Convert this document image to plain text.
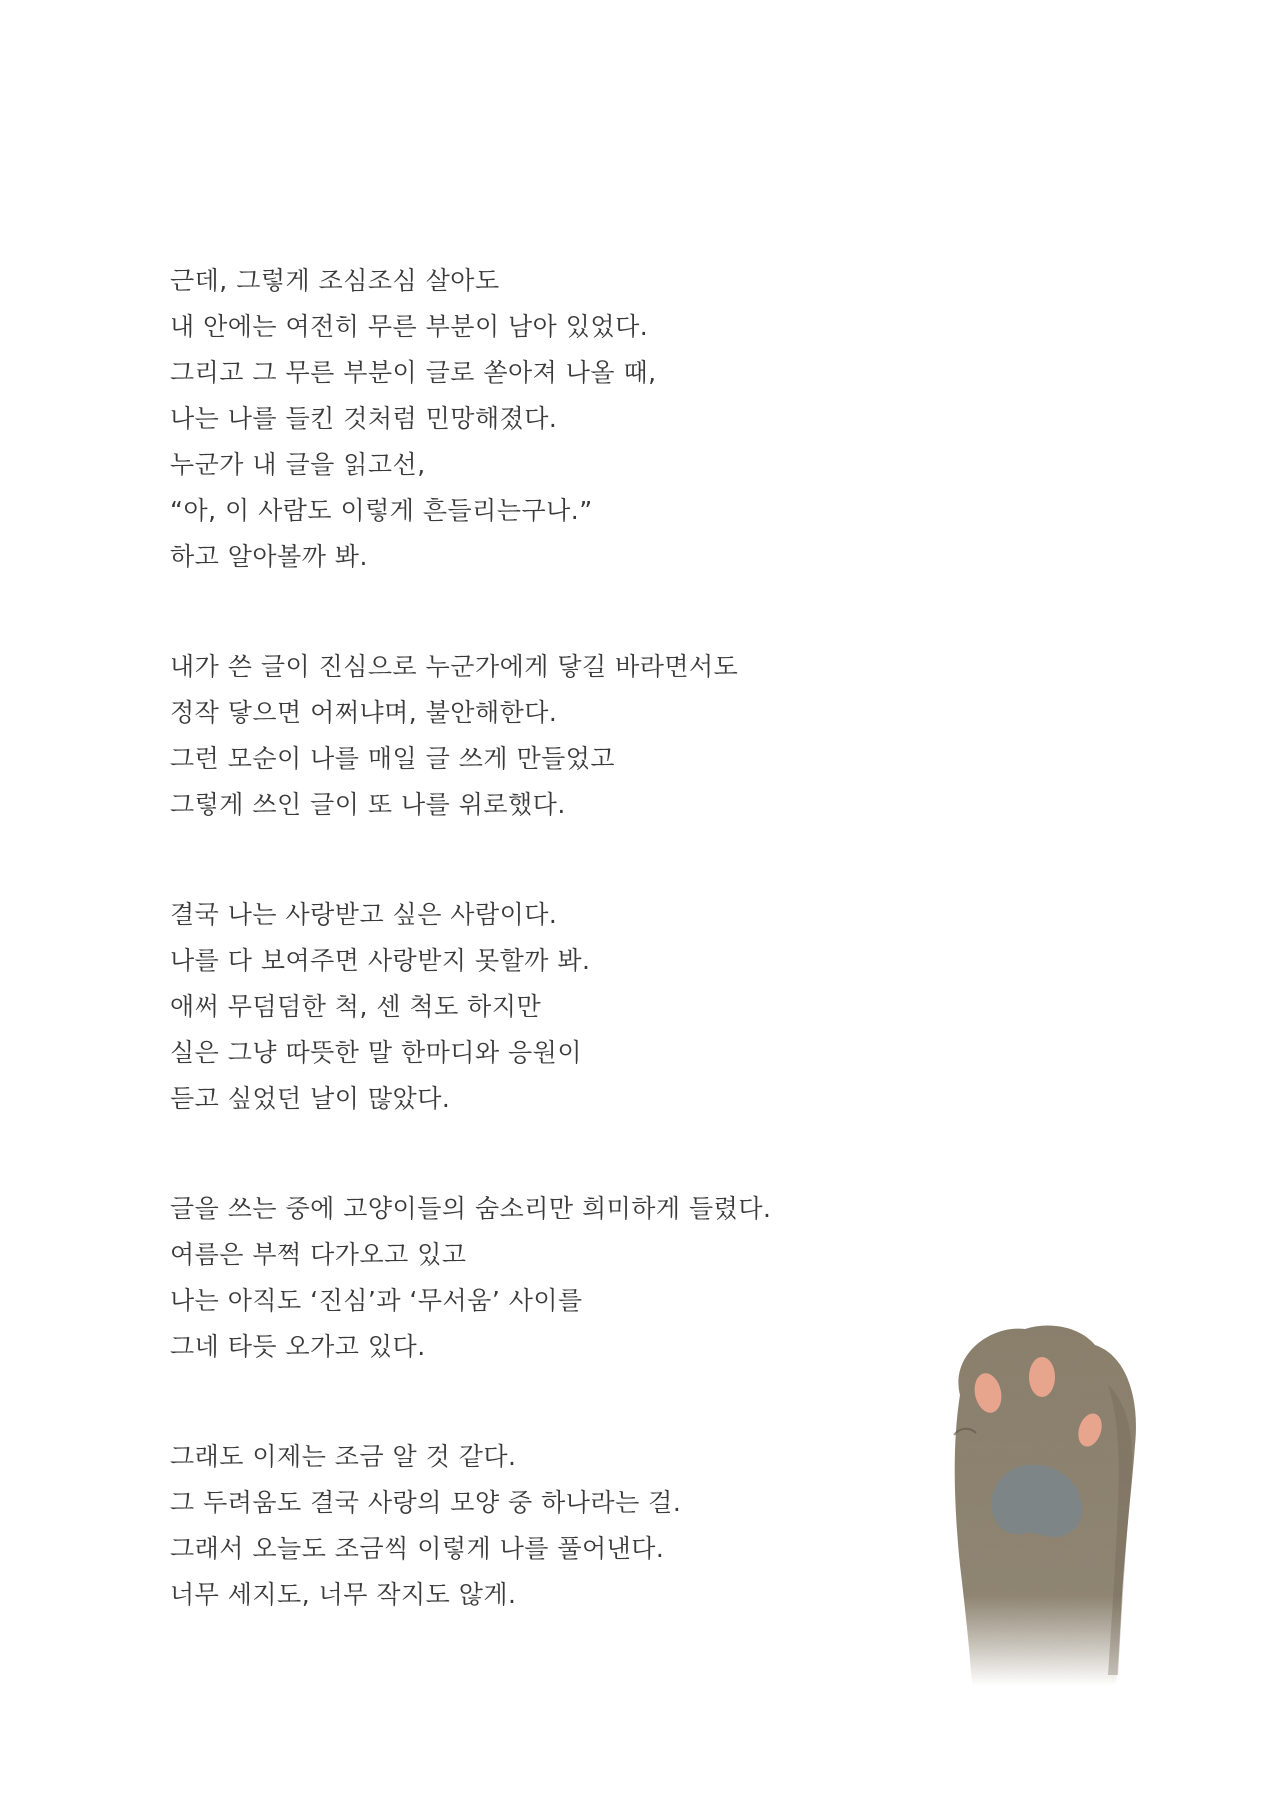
근데, 그렇게 조심조심 살아도
내 안에는 여전히 무른 부분이 남아 있었다.
그리고 그 무른 부분이 글로 쏟아져 나올 때,
나는 나를 들킨 것처럼 민망해졌다.
누군가 내 글을 읽고선,
“아, 이 사람도 이렇게 흔들리는구나.”
하고 알아볼까 봐.
내가 쓴 글이 진심으로 누군가에게 닿길 바라면서도
정작 닿으면 어쩌냐며, 불안해한다.
그런 모순이 나를 매일 글 쓰게 만들었고
그렇게 쓰인 글이 또 나를 위로했다.
결국 나는 사랑받고 싶은 사람이다.
나를 다 보여주면 사랑받지 못할까 봐.
애써 무덤덤한 척, 센 척도 하지만
실은 그냥 따뜻한 말 한마디와 응원이
듣고 싶었던 날이 많았다.
글을 쓰는 중에 고양이들의 숨소리만 희미하게 들렸다.
여름은 부쩍 다가오고 있고
나는 아직도 ‘진심’과 ‘무서움’ 사이를
그네 타듯 오가고 있다.
그래도 이제는 조금 알 것 같다.
그 두려움도 결국 사랑의 모양 중 하나라는 걸.
그래서 오늘도 조금씩 이렇게 나를 풀어낸다.
너무 세지도, 너무 작지도 않게.
